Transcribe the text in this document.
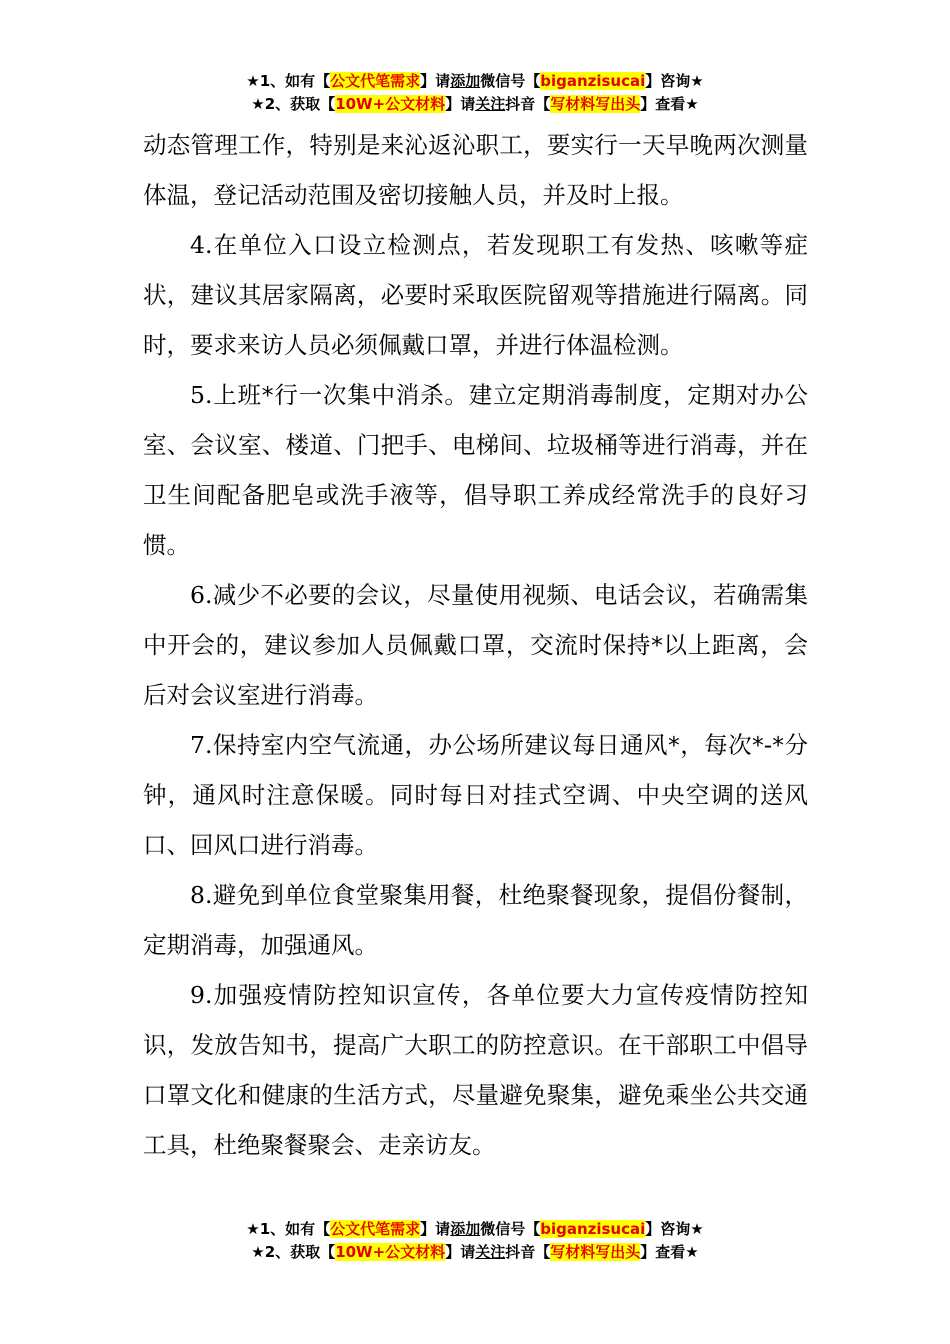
★1、如有【公文代笔需求】请添加微信号【biganzisucai】咨询★
★2、获取【10W+公文材料】请关注抖音【写材料写出头】查看★

动态管理工作，特别是来沁返沁职工，要实行一天早晚两次测量体温，登记活动范围及密切接触人员，并及时上报。

4.在单位入口设立检测点，若发现职工有发热、咳嗽等症状，建议其居家隔离，必要时采取医院留观等措施进行隔离。同时，要求来访人员必须佩戴口罩，并进行体温检测。

5.上班*行一次集中消杀。建立定期消毒制度，定期对办公室、会议室、楼道、门把手、电梯间、垃圾桶等进行消毒，并在卫生间配备肥皂或洗手液等，倡导职工养成经常洗手的良好习惯。

6.减少不必要的会议，尽量使用视频、电话会议，若确需集中开会的，建议参加人员佩戴口罩，交流时保持*以上距离，会后对会议室进行消毒。

7.保持室内空气流通，办公场所建议每日通风*，每次*-*分钟，通风时注意保暖。同时每日对挂式空调、中央空调的送风口、回风口进行消毒。

8.避免到单位食堂聚集用餐，杜绝聚餐现象，提倡份餐制，定期消毒，加强通风。

9.加强疫情防控知识宣传，各单位要大力宣传疫情防控知识，发放告知书，提高广大职工的防控意识。在干部职工中倡导口罩文化和健康的生活方式，尽量避免聚集，避免乘坐公共交通工具，杜绝聚餐聚会、走亲访友。

★1、如有【公文代笔需求】请添加微信号【biganzisucai】咨询★
★2、获取【10W+公文材料】请关注抖音【写材料写出头】查看★
